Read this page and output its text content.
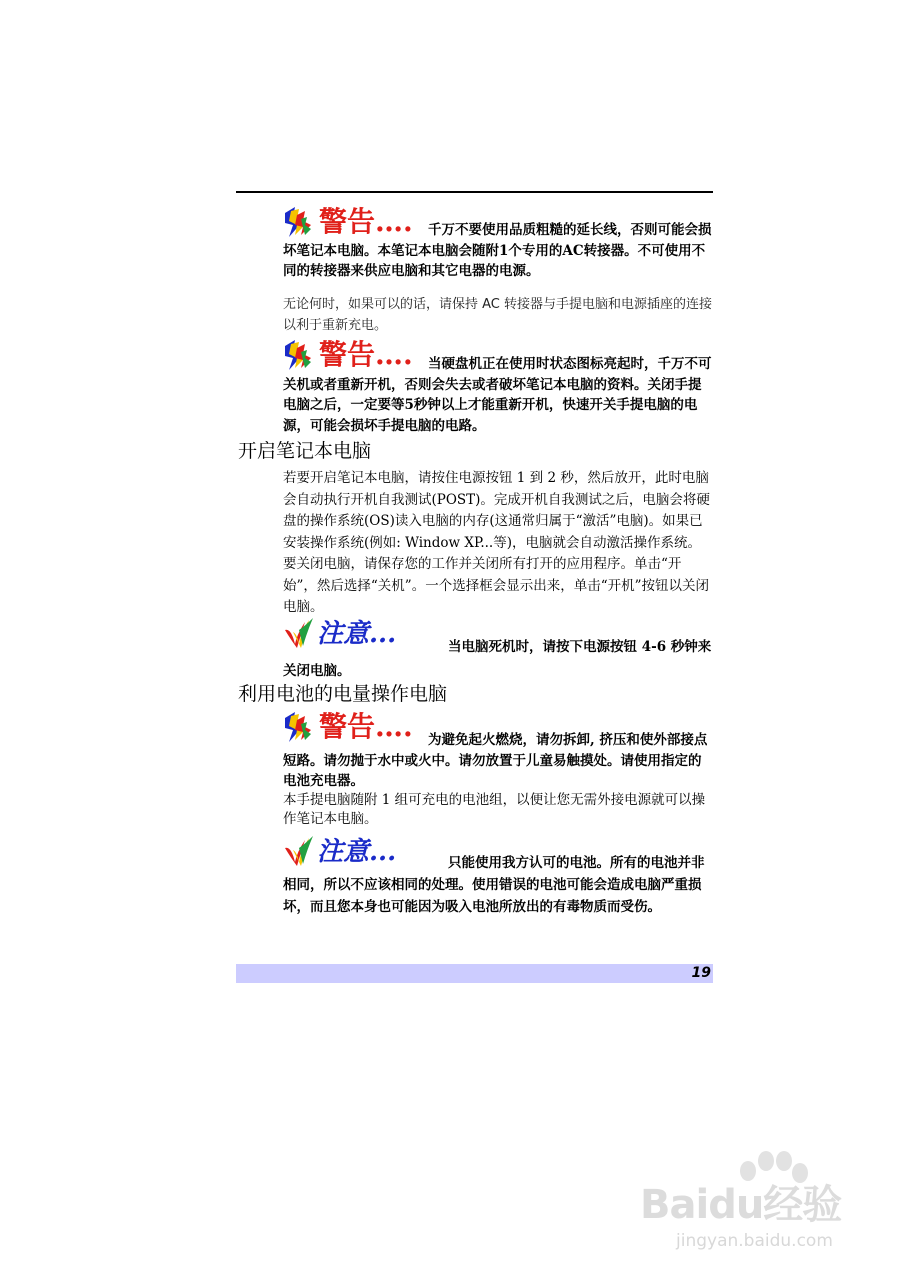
警告….	千万不要使用品质粗糙的延长线，否则可能会损坏笔记本电脑。本笔记本电脑会随附1个专用的AC转接器。不可使用不同的转接器来供应电脑和其它电器的电源。
无论何时，如果可以的话，请保持 AC 转接器与手提电脑和电源插座的连接以利于重新充电。
警告….	当硬盘机正在使用时状态图标亮起时，千万不可关机或者重新开机，否则会失去或者破坏笔记本电脑的资料。关闭手提电脑之后，一定要等5秒钟以上才能重新开机，快速开关手提电脑的电源，可能会损坏手提电脑的电路。
开启笔记本电脑
若要开启笔记本电脑，请按住电源按钮 1 到 2 秒，然后放开，此时电脑会自动执行开机自我测试(POST)。完成开机自我测试之后，电脑会将硬盘的操作系统(OS)读入电脑的内存(这通常归属于“激活”电脑)。如果已安装操作系统(例如: Window XP...等)，电脑就会自动激活操作系统。要关闭电脑，请保存您的工作并关闭所有打开的应用程序。单击“开始”，然后选择“关机”。一个选择框会显示出来，单击“开机”按钮以关闭电脑。
注意...	当电脑死机时，请按下电源按钮 4-6 秒钟来关闭电脑。
利用电池的电量操作电脑
警告….	为避免起火燃烧，请勿拆卸, 挤压和使外部接点短路。请勿抛于水中或火中。请勿放置于儿童易触摸处。请使用指定的电池充电器。
本手提电脑随附 1 组可充电的电池组，以便让您无需外接电源就可以操作笔记本电脑。
注意...	只能使用我方认可的电池。所有的电池并非相同，所以不应该相同的处理。使用错误的电池可能会造成电脑严重损坏，而且您本身也可能因为吸入电池所放出的有毒物质而受伤。
19
Baidu经验
jingyan.baidu.com
